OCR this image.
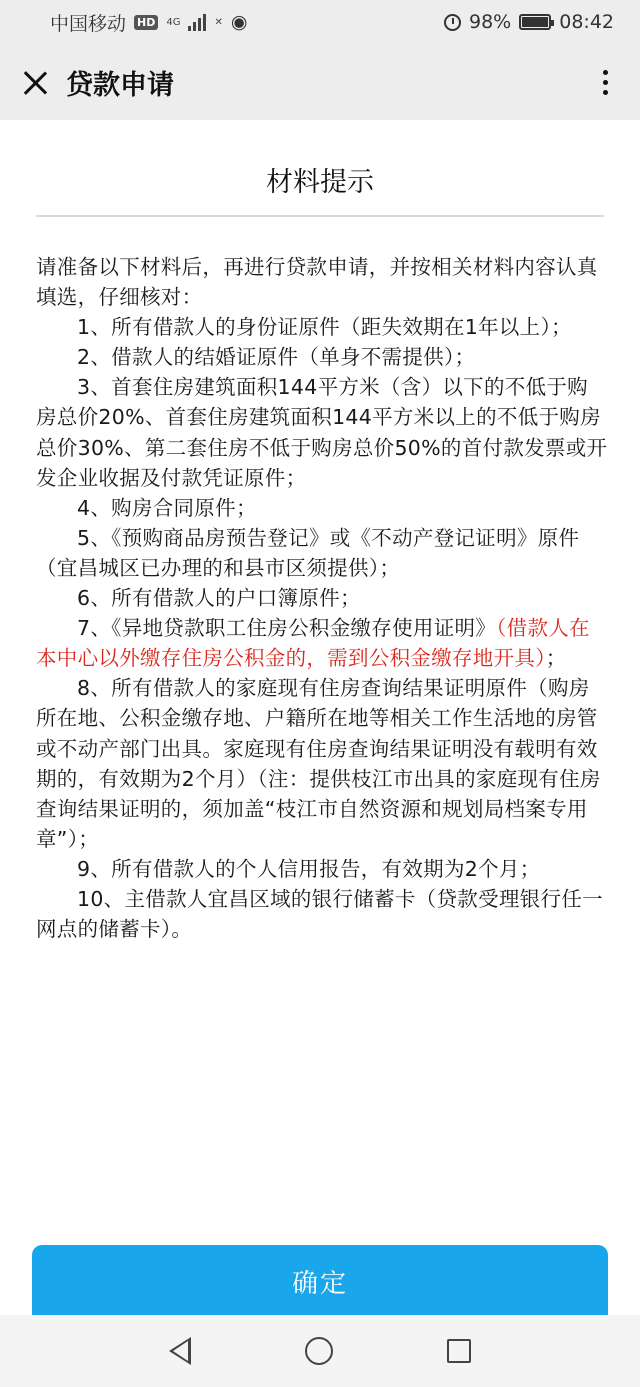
中国移动 HD	4G	✕ ◉	98%	08:42
贷款申请
材料提示

请准备以下材料后，再进行贷款申请，并按相关材料内容认真填选，仔细核对：

1、所有借款人的身份证原件（距失效期在1年以上）；

2、借款人的结婚证原件（单身不需提供）；

3、首套住房建筑面积144平方米（含）以下的不低于购房总价20%、首套住房建筑面积144平方米以上的不低于购房总价30%、第二套住房不低于购房总价50%的首付款发票或开发企业收据及付款凭证原件；

4、购房合同原件；

5、《预购商品房预告登记》或《不动产登记证明》原件（宜昌城区已办理的和县市区须提供）；

6、所有借款人的户口簿原件；

7、《异地贷款职工住房公积金缴存使用证明》（借款人在本中心以外缴存住房公积金的，需到公积金缴存地开具）；

8、所有借款人的家庭现有住房查询结果证明原件（购房所在地、公积金缴存地、户籍所在地等相关工作生活地的房管或不动产部门出具。家庭现有住房查询结果证明没有载明有效期的，有效期为2个月）（注：提供枝江市出具的家庭现有住房查询结果证明的，须加盖“枝江市自然资源和规划局档案专用章”）；

9、所有借款人的个人信用报告，有效期为2个月；

10、主借款人宜昌区域的银行储蓄卡（贷款受理银行任一网点的储蓄卡）。

确定
